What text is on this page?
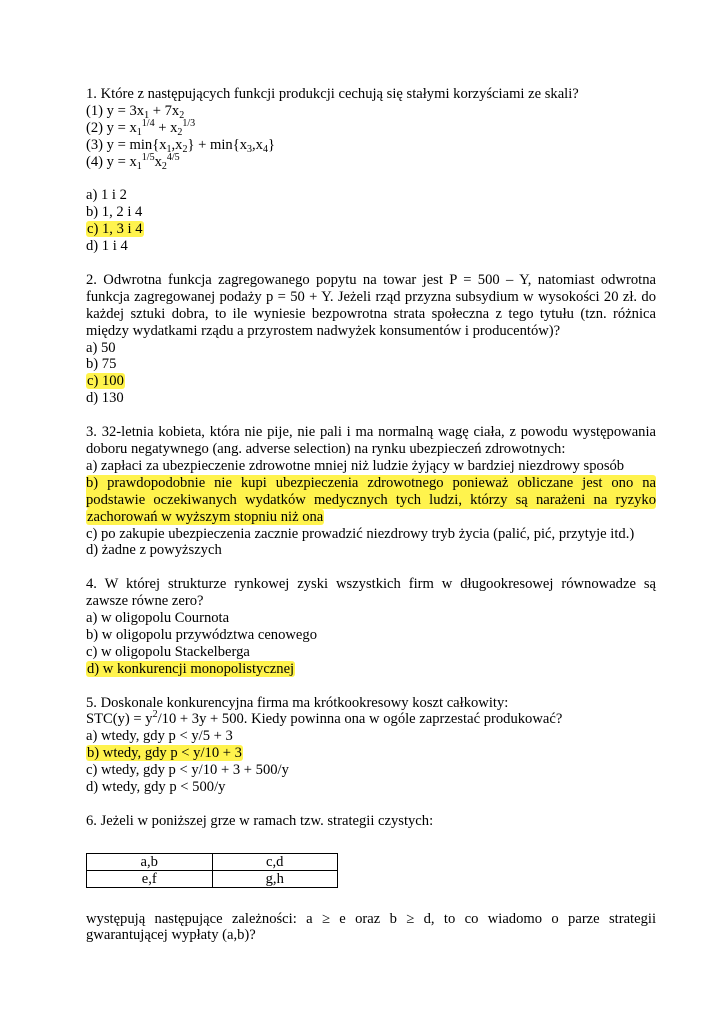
1. Które z następujących funkcji produkcji cechują się stałymi korzyściami ze skali?

(1) $y = 3x_1 + 7x_2$

(2) $y = x_1^{1/4} + x_2^{1/3}$

(3) $y = \min\{x_1,x_2\} + \min\{x_3,x_4\}$

(4) $y = x_1^{1/5}x_2^{4/5}$

a) 1 i 2

b) 1, 2 i 4

c) 1, 3 i 4

d) 1 i 4

2. Odwrotna funkcja zagregowanego popytu na towar jest P = 500 – Y, natomiast odwrotna

funkcja zagregowanej podaży p = 50 + Y. Jeżeli rząd przyzna subsydium w wysokości 20 zł. do

każdej sztuki dobra, to ile wyniesie bezpowrotna strata społeczna z tego tytułu (tzn. różnica

między wydatkami rządu a przyrostem nadwyżek konsumentów i producentów)?

a) 50

b) 75

c) 100

d) 130

3. 32-letnia kobieta, która nie pije, nie pali i ma normalną wagę ciała, z powodu występowania

doboru negatywnego (ang. adverse selection) na rynku ubezpieczeń zdrowotnych:

a) zapłaci za ubezpieczenie zdrowotne mniej niż ludzie żyjący w bardziej niezdrowy sposób

b) prawdopodobnie nie kupi ubezpieczenia zdrowotnego ponieważ obliczane jest ono na

podstawie oczekiwanych wydatków medycznych tych ludzi, którzy są narażeni na ryzyko

zachorowań w wyższym stopniu niż ona

c) po zakupie ubezpieczenia zacznie prowadzić niezdrowy tryb życia (palić, pić, przytyje itd.)

d) żadne z powyższych

4. W której strukturze rynkowej zyski wszystkich firm w długookresowej równowadze są

zawsze równe zero?

a) w oligopolu Cournota

b) w oligopolu przywództwa cenowego

c) w oligopolu Stackelberga

d) w konkurencji monopolistycznej

5. Doskonale konkurencyjna firma ma krótkookresowy koszt całkowity:

$STC(y) = y^2/10 + 3y + 500$. Kiedy powinna ona w ogóle zaprzestać produkować?

a) wtedy, gdy p < y/5 + 3

b) wtedy, gdy p < y/10 + 3

c) wtedy, gdy p < y/10 + 3 + 500/y

d) wtedy, gdy p < 500/y

6. Jeżeli w poniższej grze w ramach tzw. strategii czystych:

a,b	c,d
e,f	g,h

występują następujące zależności: a ≥ e oraz b ≥ d, to co wiadomo o parze strategii

gwarantującej wypłaty (a,b)?
